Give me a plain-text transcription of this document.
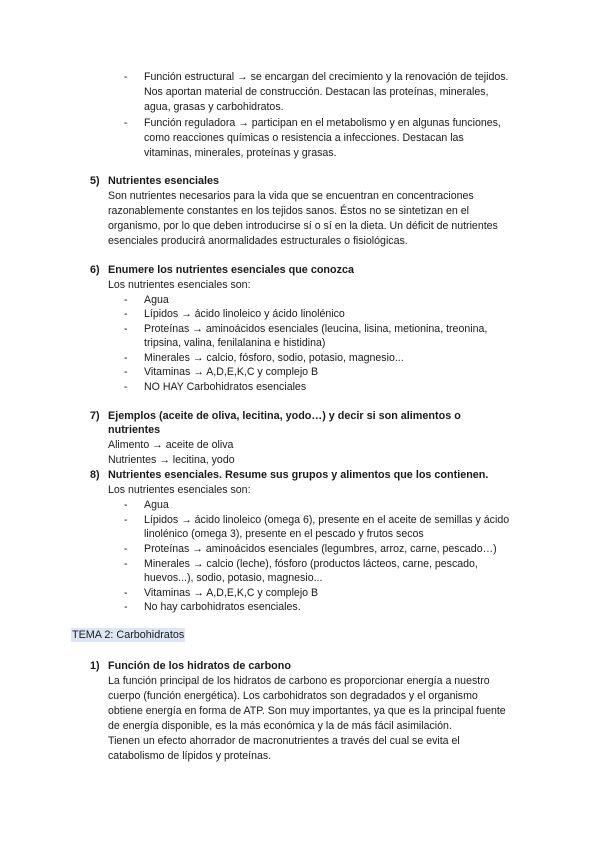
- Función estructural → se encargan del crecimiento y la renovación de tejidos.
Nos aportan material de construcción. Destacan las proteínas, minerales,
agua, grasas y carbohidratos.
- Función reguladora → participan en el metabolismo y en algunas funciones,
como reacciones químicas o resistencia a infecciones. Destacan las
vitaminas, minerales, proteínas y grasas.
5) Nutrientes esenciales
Son nutrientes necesarios para la vida que se encuentran en concentraciones
razonablemente constantes en los tejidos sanos. Éstos no se sintetizan en el
organismo, por lo que deben introducirse sí o sí en la dieta. Un déficit de nutrientes
esenciales producirá anormalidades estructurales o fisiológicas.
6) Enumere los nutrientes esenciales que conozca
Los nutrientes esenciales son:
- Agua
- Lípidos → ácido linoleico y ácido linolénico
- Proteínas → aminoácidos esenciales (leucina, lisina, metionina, treonina,
tripsina, valina, fenilalanina e histidina)
- Minerales → calcio, fósforo, sodio, potasio, magnesio...
- Vitaminas → A,D,E,K,C y complejo B
- NO HAY Carbohidratos esenciales
7) Ejemplos (aceite de oliva, lecitina, yodo…) y decir si son alimentos o
nutrientes
Alimento → aceite de oliva
Nutrientes → lecitina, yodo
8) Nutrientes esenciales. Resume sus grupos y alimentos que los contienen.
Los nutrientes esenciales son:
- Agua
- Lípidos → ácido linoleico (omega 6), presente en el aceite de semillas y ácido
linolénico (omega 3), presente en el pescado y frutos secos
- Proteínas → aminoácidos esenciales (legumbres, arroz, carne, pescado…)
- Minerales → calcio (leche), fósforo (productos lácteos, carne, pescado,
huevos...), sodio, potasio, magnesio...
- Vitaminas → A,D,E,K,C y complejo B
- No hay carbohidratos esenciales.
TEMA 2: Carbohidratos
1) Función de los hidratos de carbono
La función principal de los hidratos de carbono es proporcionar energía a nuestro
cuerpo (función energética). Los carbohidratos son degradados y el organismo
obtiene energía en forma de ATP. Son muy importantes, ya que es la principal fuente
de energía disponible, es la más económica y la de más fácil asimilación.
Tienen un efecto ahorrador de macronutrientes a través del cual se evita el
catabolismo de lípidos y proteínas.
